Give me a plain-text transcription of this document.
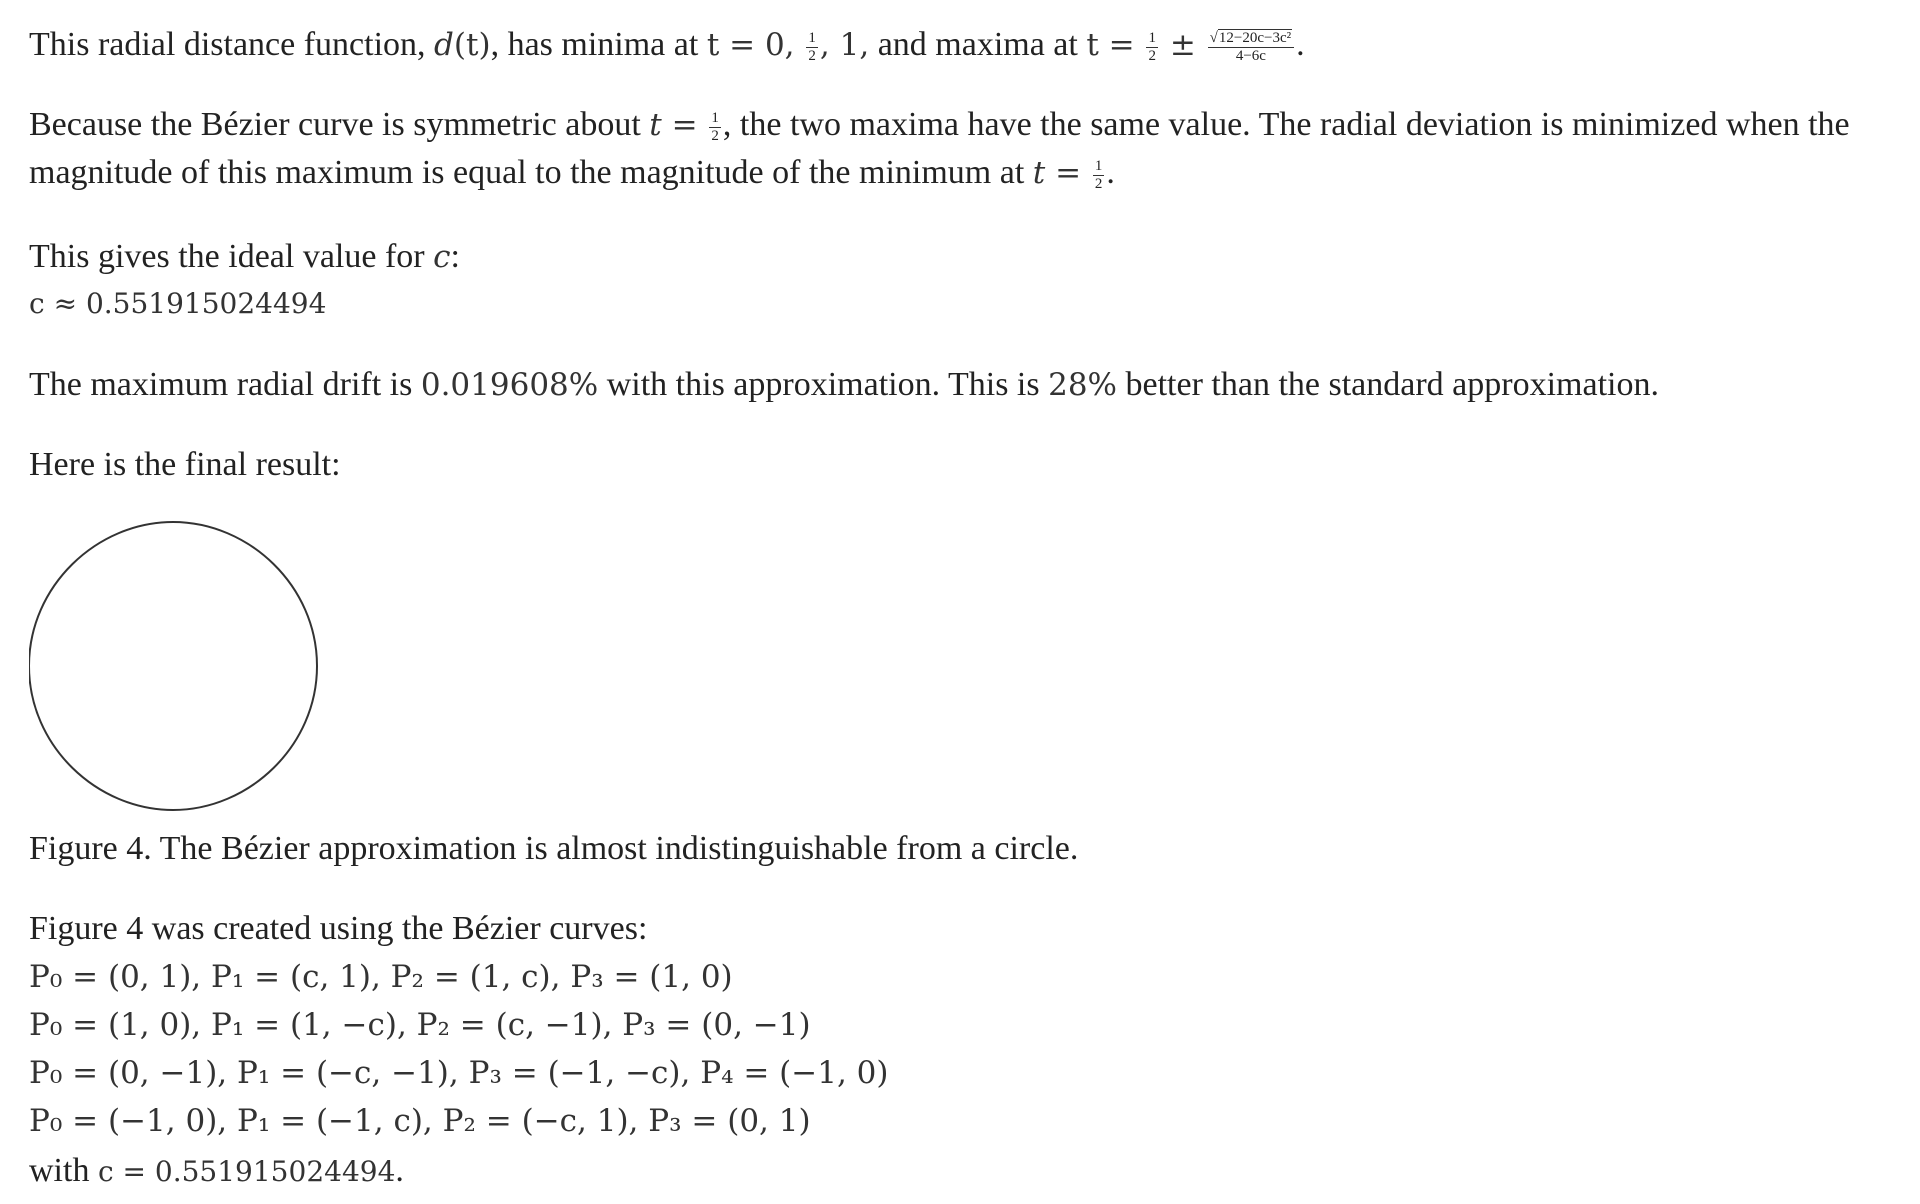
This radial distance function, d(t), has minima at t = 0, $\frac{1}{2}$ , 1, and maxima at $t = \frac{1}{2} \pm \frac{\text{√12−20c−3c²}}{4-6c}$ .
Because the Bézier curve is symmetric about $t = \frac{1}{2}$ , the two maxima have the same value. The radial deviation is minimized when the
magnitude of this maximum is equal to the magnitude of the minimum at $t = \frac{1}{2}$ .
This gives the ideal value for c:
c ≈ 0.551915024494
The maximum radial drift is 0.019608% with this approximation. This is 28% better than the standard approximation.
Here is the final result:
Figure 4. The Bézier approximation is almost indistinguishable from a circle.
Figure 4 was created using the Bézier curves:
P₀ = (0, 1), P₁ = (c, 1), P₂ = (1, c), P₃ = (1, 0)
P₀ = (1, 0), P₁ = (1, −c), P₂ = (c, −1), P₃ = (0, −1)
P₀ = (0, −1), P₁ = (−c, −1), P₃ = (−1, −c), P₄ = (−1, 0)
P₀ = (−1, 0), P₁ = (−1, c), P₂ = (−c, 1), P₃ = (0, 1)
with c = 0.551915024494.
